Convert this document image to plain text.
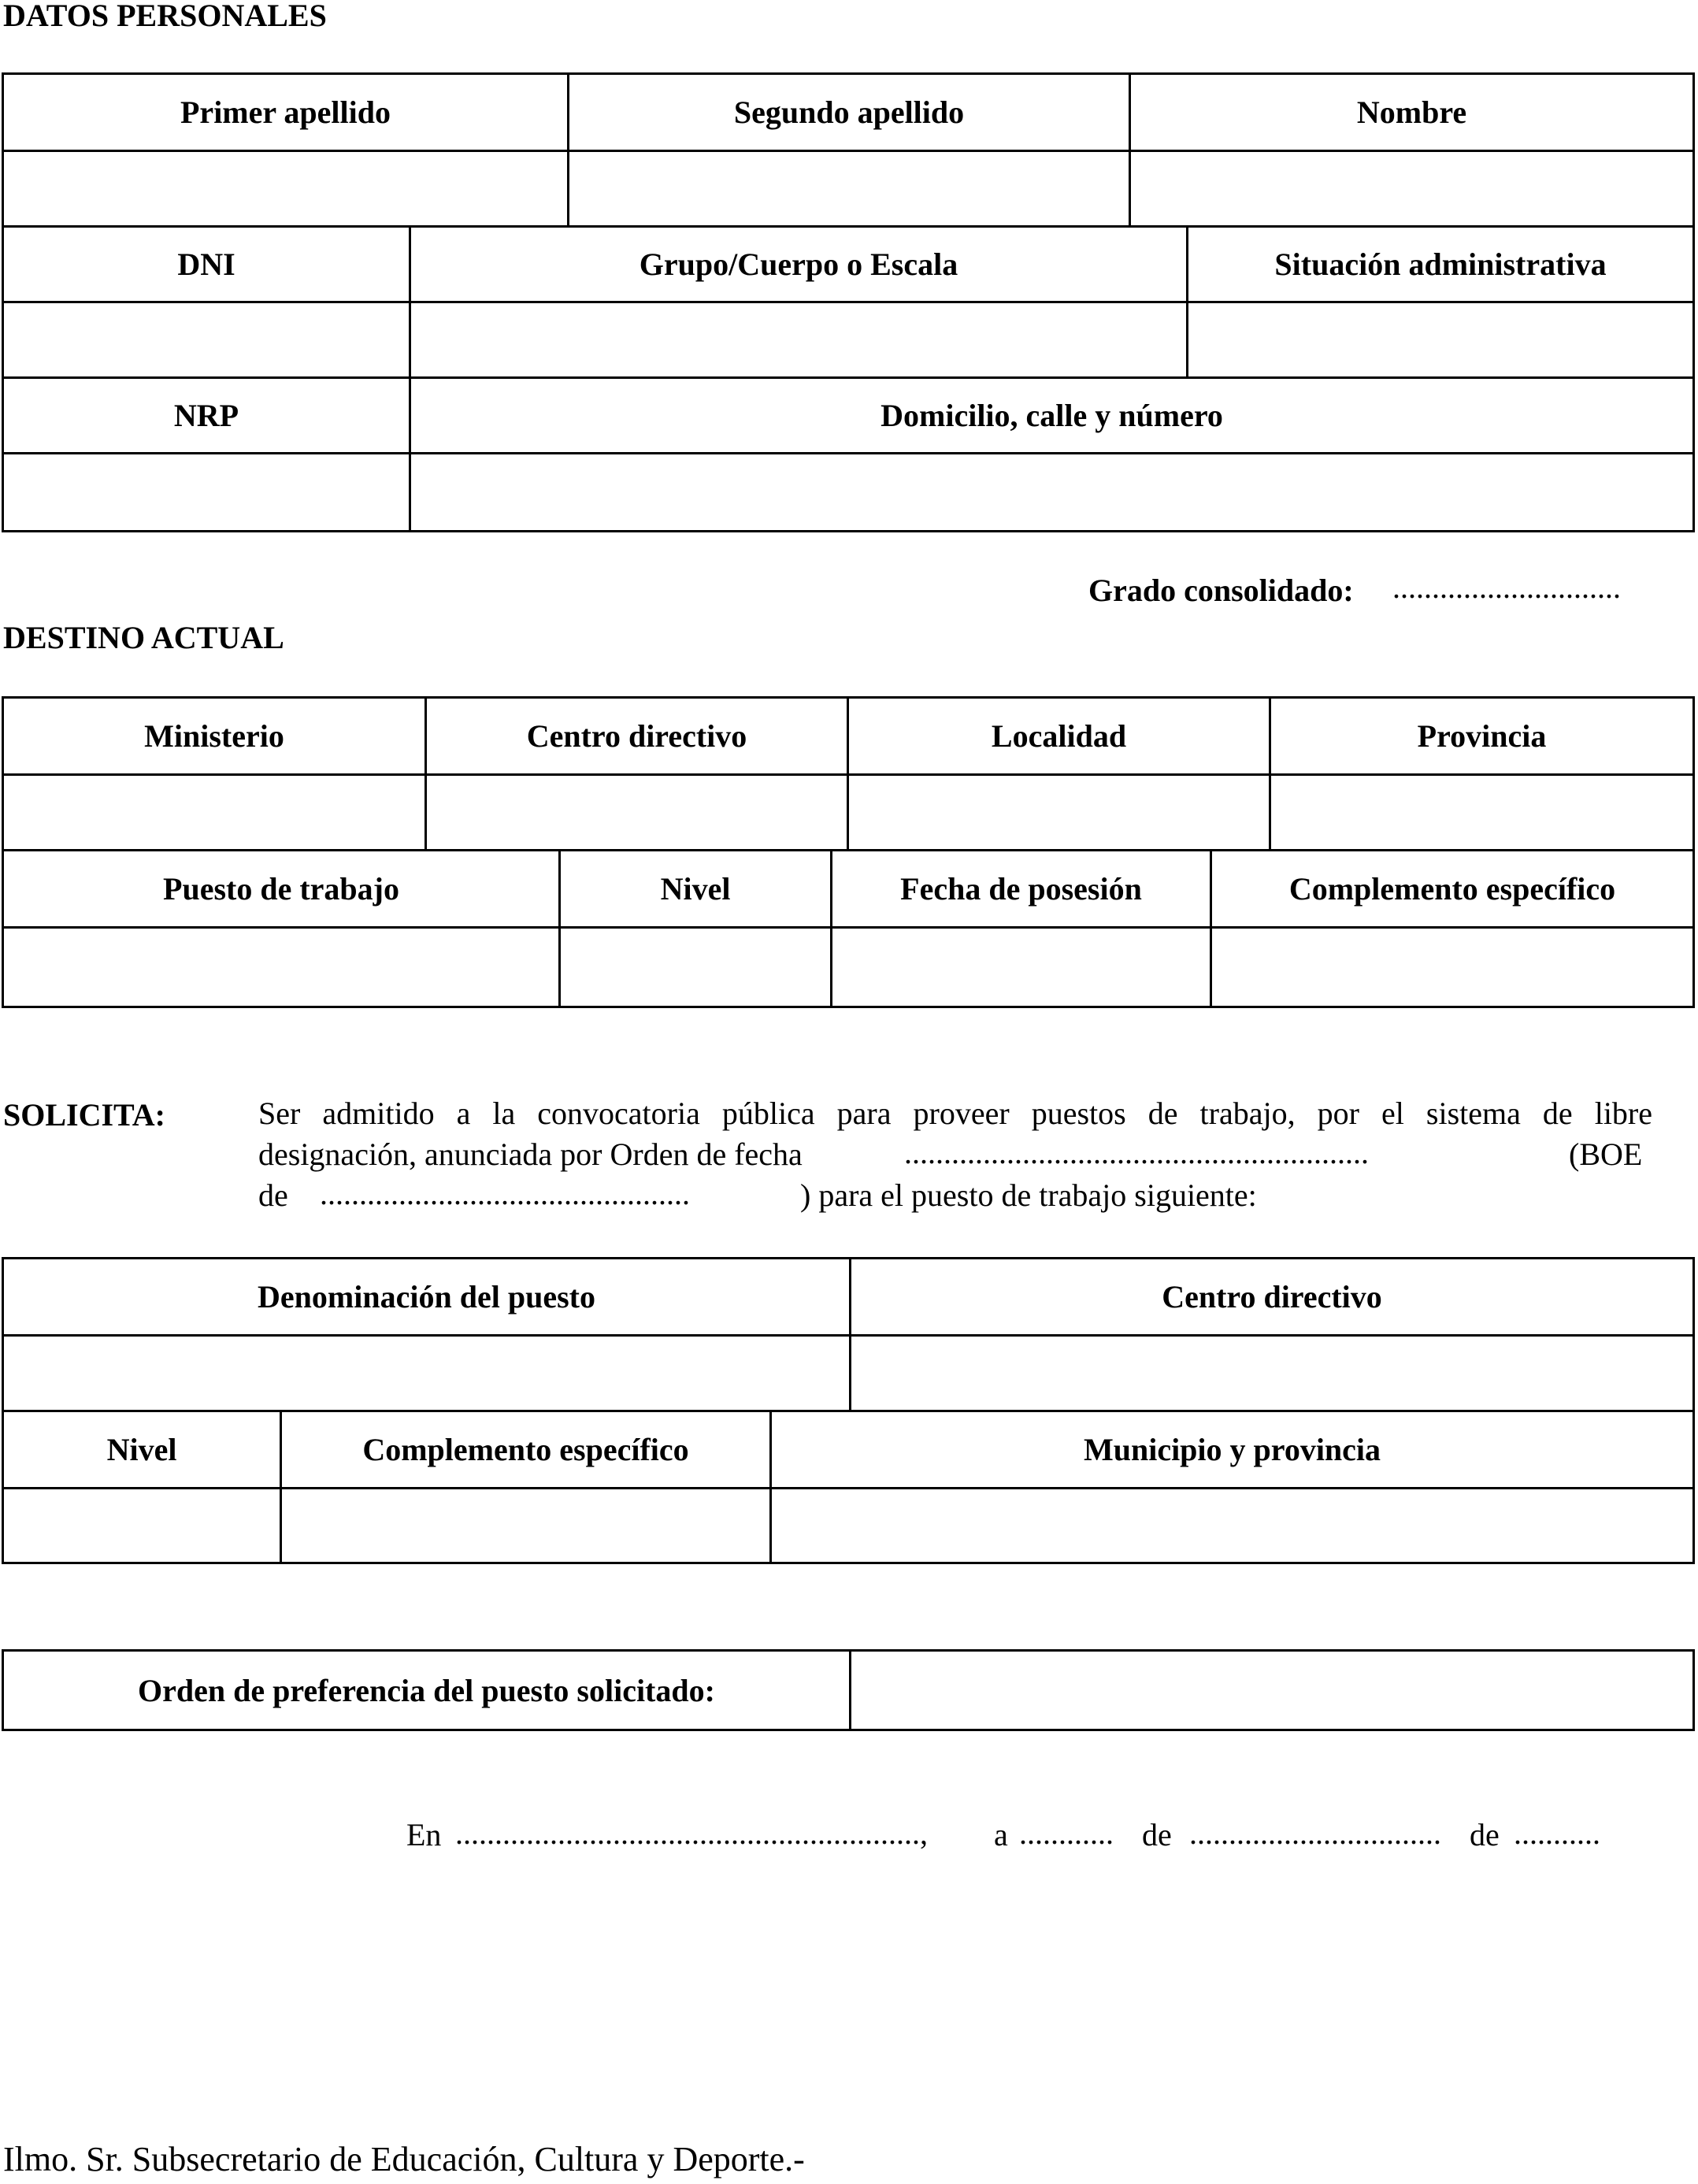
DATOS PERSONALES
Primer apellido	Segundo apellido	Nombre
DNI	Grupo/Cuerpo o Escala	Situación administrativa
NRP	Domicilio, calle y número
Grado consolidado: .............................
DESTINO ACTUAL
Ministerio	Centro directivo	Localidad	Provincia
Puesto de trabajo	Nivel	Fecha de posesión	Complemento específico
SOLICITA:	Ser admitido a la convocatoria pública para proveer puestos de trabajo, por el sistema de libre
designación, anunciada por Orden de fecha	...........................................................	(BOE
de ...............................................	) para el puesto de trabajo siguiente:
Denominación del puesto	Centro directivo
Nivel	Complemento específico	Municipio y provincia
Orden de preferencia del puesto solicitado:
En ..........................................................., a ............ de ................................ de ...........
Ilmo. Sr. Subsecretario de Educación, Cultura y Deporte.-
